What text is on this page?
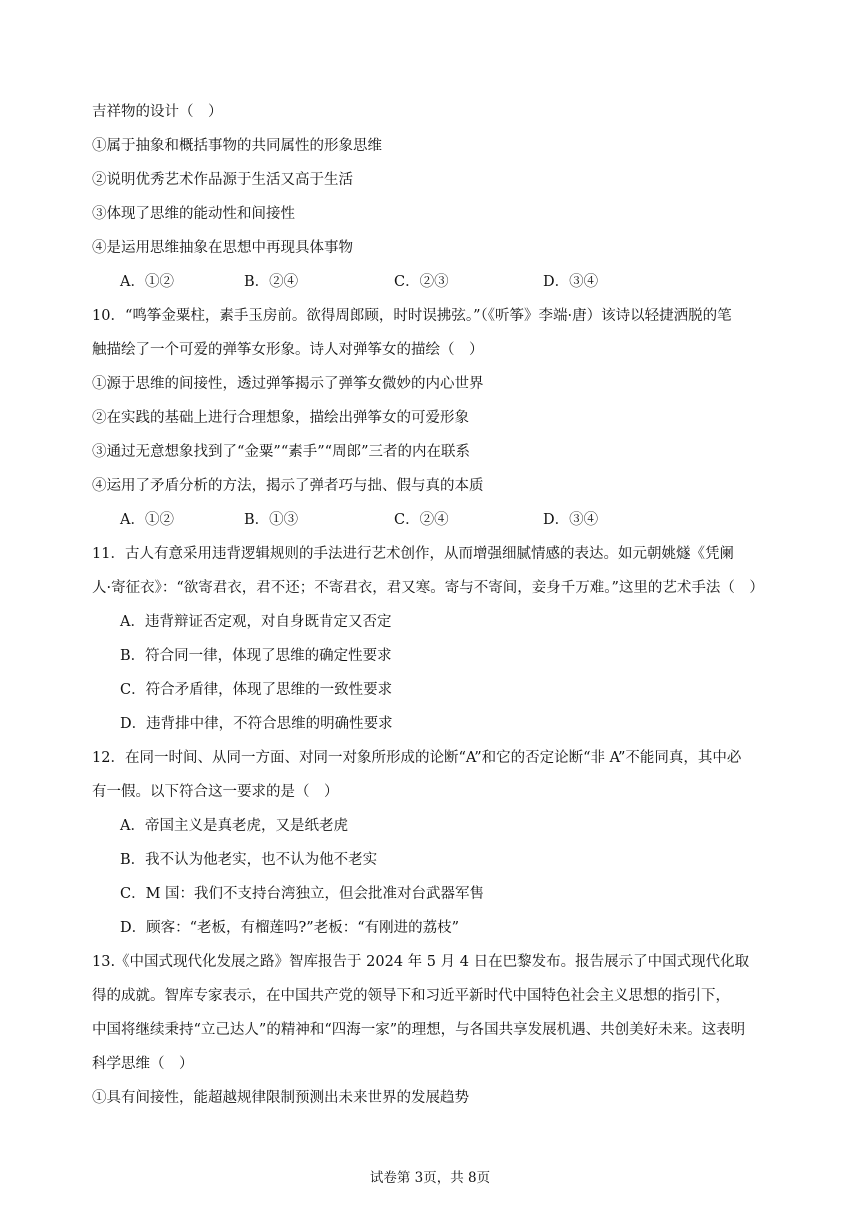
吉祥物的设计（　）
①属于抽象和概括事物的共同属性的形象思维
②说明优秀艺术作品源于生活又高于生活
③体现了思维的能动性和间接性
④是运用思维抽象在思想中再现具体事物
A．①②	B．②④	C．②③	D．③④
10．“鸣筝金粟柱，素手玉房前。欲得周郎顾，时时误拂弦。”（《听筝》李端·唐）该诗以轻捷洒脱的笔
触描绘了一个可爱的弹筝女形象。诗人对弹筝女的描绘（　）
①源于思维的间接性，透过弹筝揭示了弹筝女微妙的内心世界
②在实践的基础上进行合理想象，描绘出弹筝女的可爱形象
③通过无意想象找到了“金粟”“素手”“周郎”三者的内在联系
④运用了矛盾分析的方法，揭示了弹者巧与拙、假与真的本质
A．①②	B．①③	C．②④	D．③④
11．古人有意采用违背逻辑规则的手法进行艺术创作，从而增强细腻情感的表达。如元朝姚燧《凭阑
人·寄征衣》：“欲寄君衣，君不还；不寄君衣，君又寒。寄与不寄间，妾身千万难。”这里的艺术手法（　）
A．违背辩证否定观，对自身既肯定又否定
B．符合同一律，体现了思维的确定性要求
C．符合矛盾律，体现了思维的一致性要求
D．违背排中律，不符合思维的明确性要求
12．在同一时间、从同一方面、对同一对象所形成的论断“A”和它的否定论断“非 A”不能同真，其中必
有一假。以下符合这一要求的是（　）
A．帝国主义是真老虎，又是纸老虎
B．我不认为他老实，也不认为他不老实
C．M 国：我们不支持台湾独立，但会批准对台武器军售
D．顾客：“老板，有榴莲吗?”老板：“有刚进的荔枝”
13.《中国式现代化发展之路》智库报告于 2024 年 5 月 4 日在巴黎发布。报告展示了中国式现代化取
得的成就。智库专家表示，在中国共产党的领导下和习近平新时代中国特色社会主义思想的指引下，
中国将继续秉持“立己达人”的精神和“四海一家”的理想，与各国共享发展机遇、共创美好未来。这表明
科学思维（　）
①具有间接性，能超越规律限制预测出未来世界的发展趋势
试卷第 3页，共 8页
